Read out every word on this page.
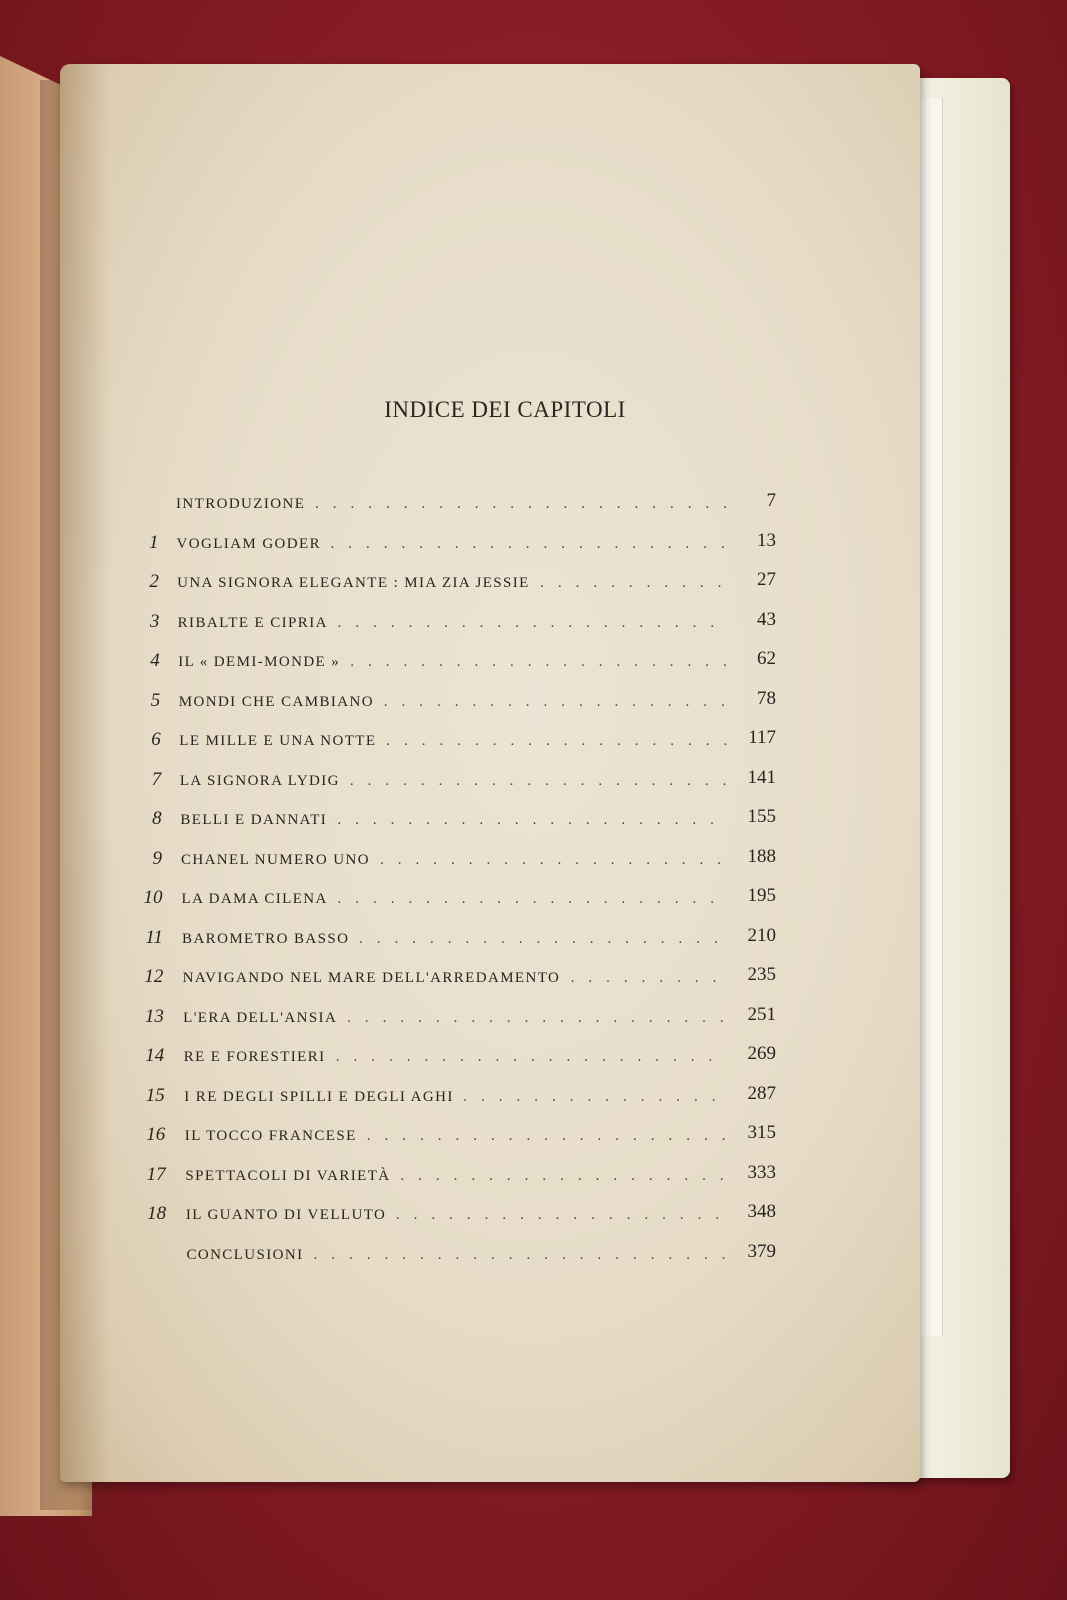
INDICE DEI CAPITOLI
INTRODUZIONE ........................	7
1 VOGLIAM GODER ....................... 13
2 UNA SIGNORA ELEGANTE : MIA ZIA JESSIE ...........	27
3 RIBALTE E CIPRIA ......................	43
4 IL « DEMI-MONDE » ...................... 62
5 MONDI CHE CAMBIANO .................... 78
6 LE MILLE E UNA NOTTE .................... 117
7 LA SIGNORA LYDIG ...................... 141
8 BELLI E DANNATI ......................	155
9 CHANEL NUMERO UNO .................... 188
10 LA DAMA CILENA ......................	195
11 BAROMETRO BASSO ..................... 210
12 NAVIGANDO NEL MARE DELL'ARREDAMENTO ......... 235
13 L'ERA DELL'ANSIA ...................... 251
14 RE E FORESTIERI ......................	269
15 I RE DEGLI SPILLI E DEGLI AGHI ............... 287
16 IL TOCCO FRANCESE ..................... 315
17 SPETTACOLI DI VARIETÀ ................... 333
18 IL GUANTO DI VELLUTO ................... 348
CONCLUSIONI ........................ 379
